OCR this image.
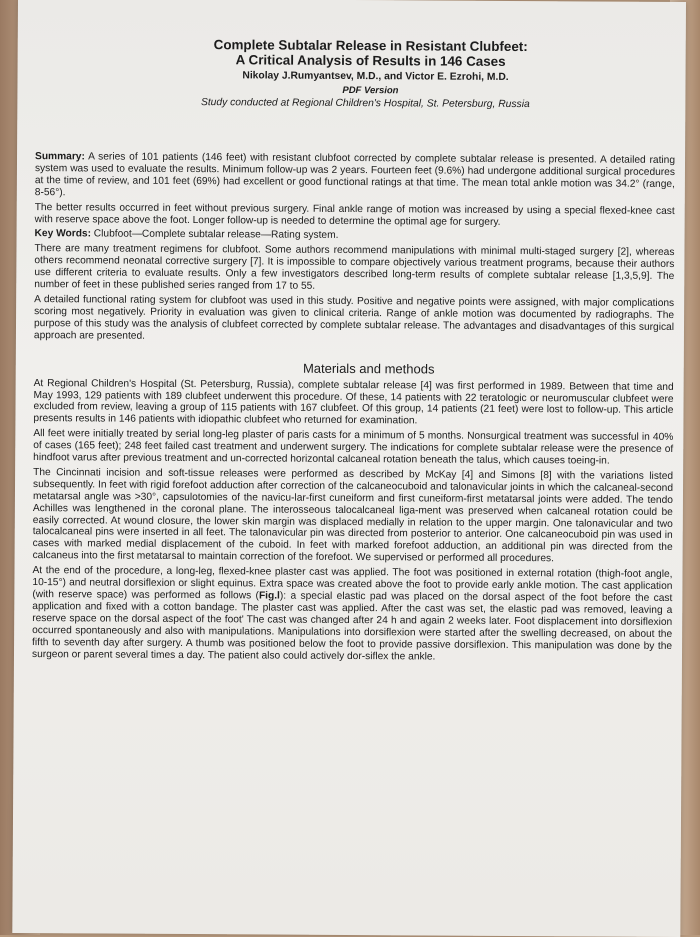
Complete Subtalar Release in Resistant Clubfeet:
A Critical Analysis of Results in 146 Cases
Nikolay J.Rumyantsev, M.D., and Victor E. Ezrohi, M.D.
PDF Version
Study conducted at Regional Children's Hospital, St. Petersburg, Russia

Summary: A series of 101 patients (146 feet) with resistant clubfoot corrected by complete subtalar release is presented. A detailed rating system was used to evaluate the results. Minimum follow-up was 2 years. Fourteen feet (9.6%) had undergone additional surgical procedures at the time of review, and 101 feet (69%) had excellent or good functional ratings at that time. The mean total ankle motion was 34.2° (range, 8-56°).

The better results occurred in feet without previous surgery. Final ankle range of motion was increased by using a special flexed-knee cast with reserve space above the foot. Longer follow-up is needed to determine the optimal age for surgery.

Key Words: Clubfoot—Complete subtalar release—Rating system.

There are many treatment regimens for clubfoot. Some authors recommend manipulations with minimal multi-staged surgery [2], whereas others recommend neonatal corrective surgery [7]. It is impossible to compare objectively various treatment programs, because their authors use different criteria to evaluate results. Only a few investigators described long-term results of complete subtalar release [1,3,5,9]. The number of feet in these published series ranged from 17 to 55.

A detailed functional rating system for clubfoot was used in this study. Positive and negative points were assigned, with major complications scoring most negatively. Priority in evaluation was given to clinical criteria. Range of ankle motion was documented by radiographs. The purpose of this study was the analysis of clubfeet corrected by complete subtalar release. The advantages and disadvantages of this surgical approach are presented.

Materials and methods

At Regional Children's Hospital (St. Petersburg, Russia), complete subtalar release [4] was first performed in 1989. Between that time and May 1993, 129 patients with 189 clubfeet underwent this procedure. Of these, 14 patients with 22 teratologic or neuromuscular clubfeet were excluded from review, leaving a group of 115 patients with 167 clubfeet. Of this group, 14 patients (21 feet) were lost to follow-up. This article presents results in 146 patients with idiopathic clubfeet who returned for examination.

All feet were initially treated by serial long-leg plaster of paris casts for a minimum of 5 months. Nonsurgical treatment was successful in 40% of cases (165 feet); 248 feet failed cast treatment and underwent surgery. The indications for complete subtalar release were the presence of hindfoot varus after previous treatment and un-corrected horizontal calcaneal rotation beneath the talus, which causes toeing-in.

The Cincinnati incision and soft-tissue releases were performed as described by McKay [4] and Simons [8] with the variations listed subsequently. In feet with rigid forefoot adduction after correction of the calcaneocuboid and talonavicular joints in which the calcaneal-second metatarsal angle was >30°, capsulotomies of the navicu-lar-first cuneiform and first cuneiform-first metatarsal joints were added. The tendo Achilles was lengthened in the coronal plane. The interosseous talocalcaneal liga-ment was preserved when calcaneal rotation could be easily corrected. At wound closure, the lower skin margin was displaced medially in relation to the upper margin. One talonavicular and two talocalcaneal pins were inserted in all feet. The talonavicular pin was directed from posterior to anterior. One calcaneocuboid pin was used in cases with marked medial displacement of the cuboid. In feet with marked forefoot adduction, an additional pin was directed from the calcaneus into the first metatarsal to maintain correction of the forefoot. We supervised or performed all procedures.

At the end of the procedure, a long-leg, flexed-knee plaster cast was applied. The foot was positioned in external rotation (thigh-foot angle, 10-15°) and neutral dorsiflexion or slight equinus. Extra space was created above the foot to provide early ankle motion. The cast application (with reserve space) was performed as follows (Fig.l): a special elastic pad was placed on the dorsal aspect of the foot before the cast application and fixed with a cotton bandage. The plaster cast was applied. After the cast was set, the elastic pad was removed, leaving a reserve space on the dorsal aspect of the foot' The cast was changed after 24 h and again 2 weeks later. Foot displacement into dorsiflexion occurred spontaneously and also with manipulations. Manipulations into dorsiflexion were started after the swelling decreased, on about the fifth to seventh day after surgery. A thumb was positioned below the foot to provide passive dorsiflexion. This manipulation was done by the surgeon or parent several times a day. The patient also could actively dor-siflex the ankle.
